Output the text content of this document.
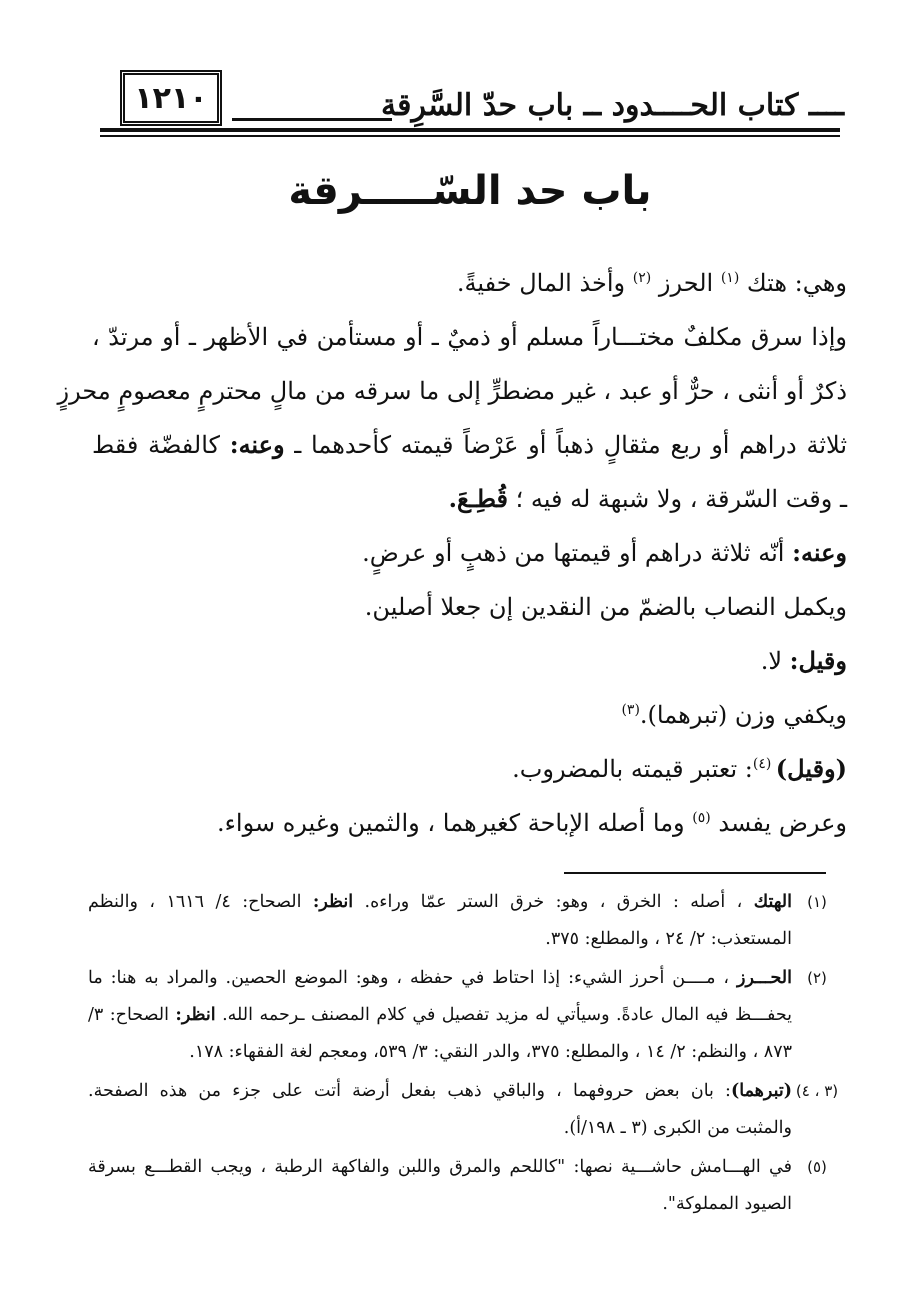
١٢١٠	ــــ كتاب الحــــدود ــ باب حدّ السَّرِقة
باب حد السّـــــرقة

وهي: هتك $^{(١)}$ الحرز $^{(٢)}$ وأخذ المال خفيةً.

وإذا سرق مكلفٌ مختـــاراً مسلم أو ذميٌ ـ أو مستأمن في الأظهر ـ أو مرتدّ ،

ذكرٌ أو أنثى ، حرٌّ أو عبد ، غير مضطرٍّ إلى ما سرقه من مالٍ محترمٍ معصومٍ محرزٍ

ثلاثة دراهم أو ربع مثقالٍ ذهباً أو عَرْضاً قيمته كأحدهما ـ وعنه: كالفضّة فقط

ـ وقت السّرقة ، ولا شبهة له فيه ؛ قُطِـعَ.

وعنه: أنّه ثلاثة دراهم أو قيمتها من ذهبٍ أو عرضٍ.

ويكمل النصاب بالضمّ من النقدين إن جعلا أصلين.

وقيل: لا.

ويكفي وزن (تبرهما).$^{(٣)}$

(وقيل) $^{(٤)}$: تعتبر قيمته بالمضروب.

وعرض يفسد $^{(٥)}$ وما أصله الإباحة كغيرهما ، والثمين وغيره سواء.

(١)
الهتك ، أصله : الخرق ، وهو: خرق الستر عمّا وراءه. انظر: الصحاح: ٤/ ١٦١٦ ، والنظم
المستعذب: ٢/ ٢٤ ، والمطلع: ٣٧٥.
(٢)
الحـــرز ، مــــن أحرز الشيء: إذا احتاط في حفظه ، وهو: الموضع الحصين. والمراد به هنا: ما
يحفـــظ فيه المال عادةً. وسيأتي له مزيد تفصيل في كلام المصنف ـرحمه الله. انظر: الصحاح: ٣/
٨٧٣ ، والنظم: ٢/ ١٤ ، والمطلع: ٣٧٥، والدر النقي: ٣/ ٥٣٩، ومعجم لغة الفقهاء: ١٧٨.
(٣ ، ٤)
(تبرهما): بان بعض حروفهما ، والباقي ذهب بفعل أرضة أتت على جزء من هذه الصفحة.
والمثبت من الكبرى (٣ ـ ١٩٨/أ).
(٥)
في الهـــامش حاشـــية نصها: "كاللحم والمرق واللبن والفاكهة الرطبة ، ويجب القطـــع بسرقة
الصيود المملوكة".
